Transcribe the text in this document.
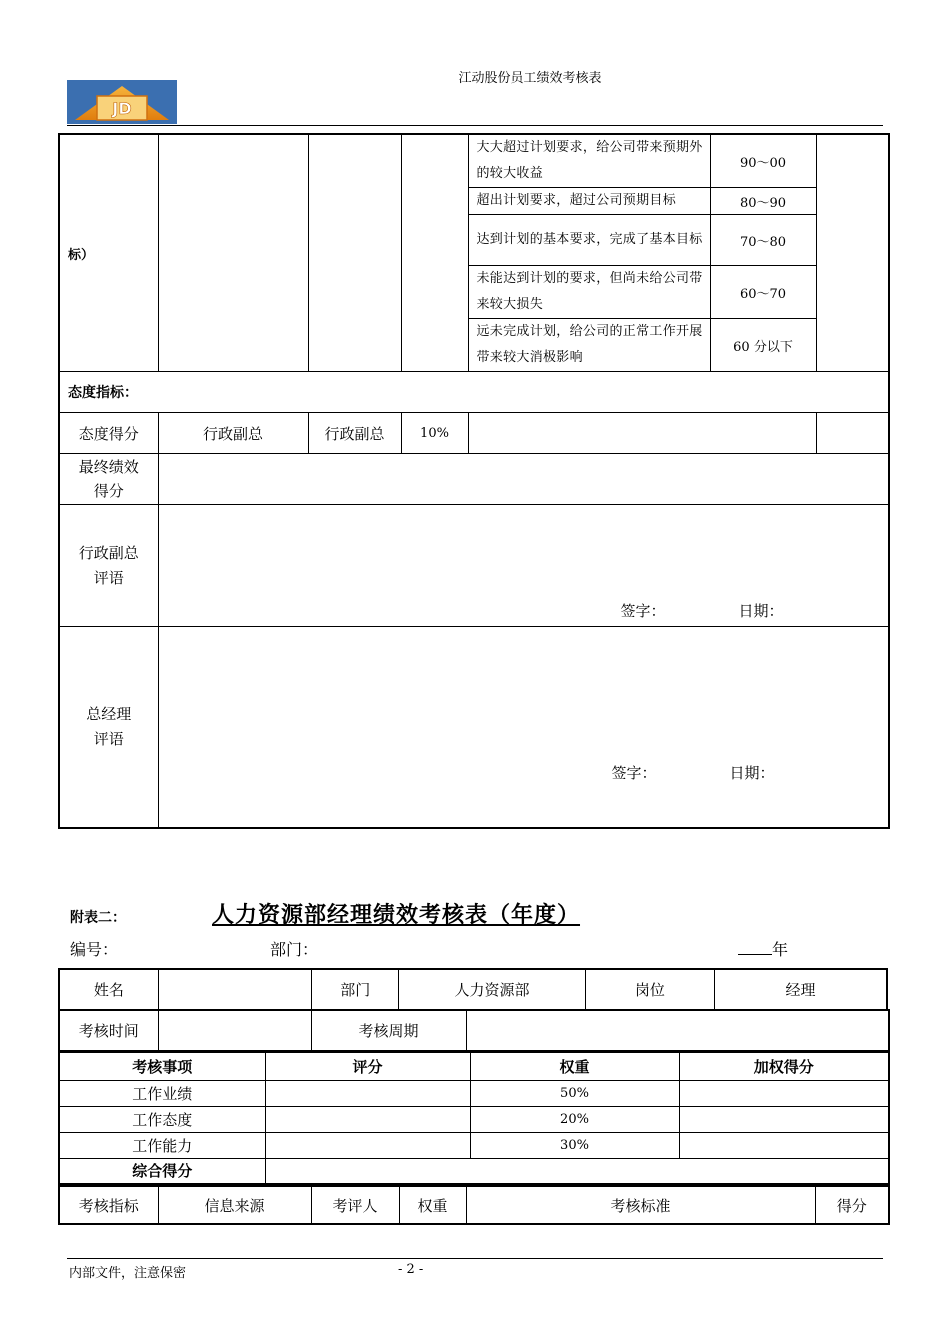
江动股份员工绩效考核表
JD
标）				大大超过计划要求，给公司带来预期外的较大收益	90～00	
				超出计划要求，超过公司预期目标	80～90	
				达到计划的基本要求，完成了基本目标	70～80	
				未能达到计划的要求，但尚未给公司带来较大损失	60～70	
				远未完成计划，给公司的正常工作开展带来较大消极影响	60 分以下	
态度指标：						
态度得分	行政副总	行政副总	10%			
最终绩效得分						
行政副总评语	签字： 日期：					

总经理评语	签字： 日期：					
附表二：	人力资源部经理绩效考核表（年度）
编号：	部门：	年
姓名		部门	人力资源部	岗位	经理
考核时间		考核周期	
考核事项	评分	权重	加权得分
工作业绩		50%	
工作态度		20%	
工作能力		30%	
综合得分			
考核指标	信息来源	考评人	权重	考核标准	得分
内部文件，注意保密	- 2 -
